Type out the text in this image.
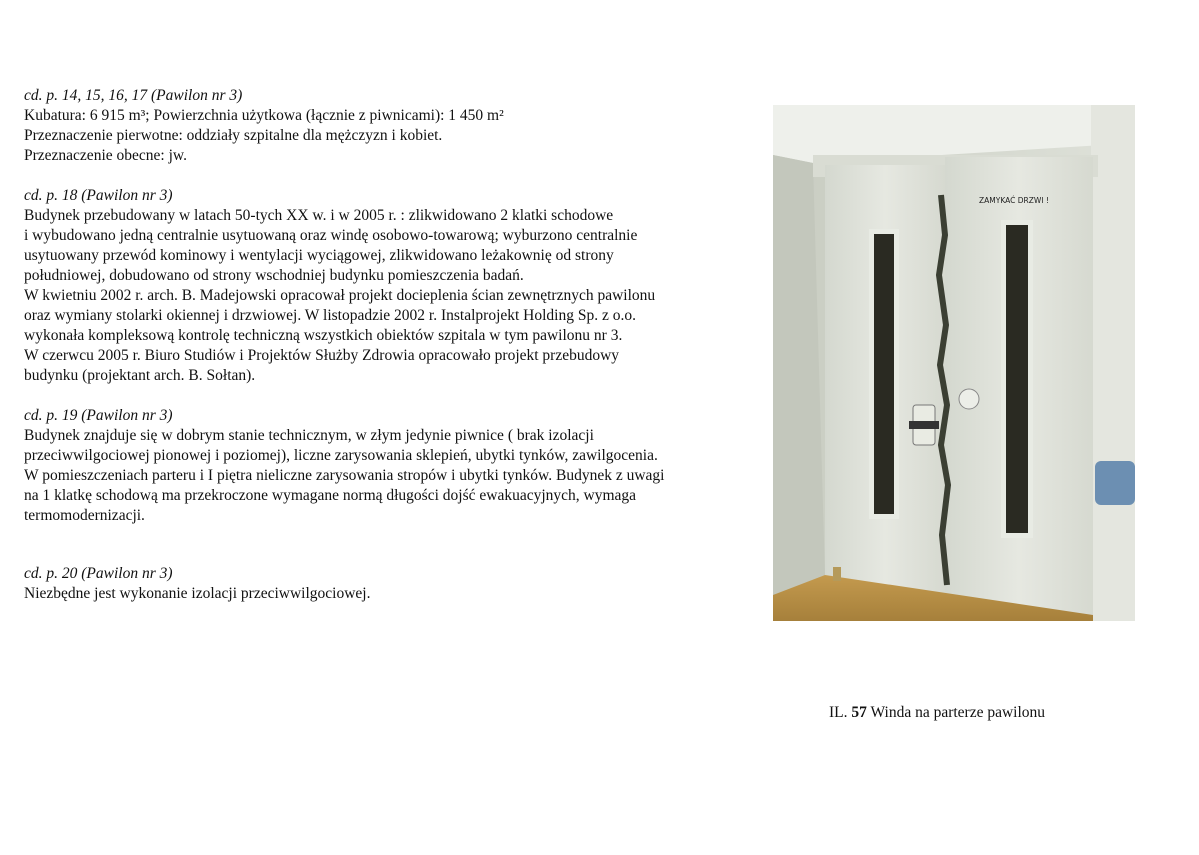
cd. p. 14, 15, 16, 17 (Pawilon nr 3)
Kubatura: 6 915 m³; Powierzchnia użytkowa (łącznie z piwnicami): 1 450 m²
Przeznaczenie pierwotne: oddziały szpitalne dla mężczyzn i kobiet.
Przeznaczenie obecne: jw.
cd. p. 18 (Pawilon nr 3)
Budynek przebudowany w latach 50-tych XX w. i w 2005 r. : zlikwidowano 2 klatki schodowe
i wybudowano jedną centralnie usytuowaną oraz windę osobowo-towarową; wyburzono centralnie
usytuowany przewód kominowy i wentylacji wyciągowej, zlikwidowano leżakownię od strony
południowej, dobudowano od strony wschodniej budynku pomieszczenia badań.
W kwietniu 2002 r. arch. B. Madejowski opracował projekt docieplenia ścian zewnętrznych pawilonu
oraz wymiany stolarki okiennej i drzwiowej. W listopadzie 2002 r. Instalprojekt Holding Sp. z o.o.
wykonała kompleksową kontrolę techniczną wszystkich obiektów szpitala w tym pawilonu nr 3.
W czerwcu 2005 r. Biuro Studiów i Projektów Służby Zdrowia opracowało projekt przebudowy
budynku (projektant arch. B. Sołtan).
cd. p. 19 (Pawilon nr 3)
Budynek znajduje się w dobrym stanie technicznym, w złym jedynie piwnice ( brak izolacji
przeciwwilgociowej pionowej i poziomej), liczne zarysowania sklepień, ubytki tynków, zawilgocenia.
W pomieszczeniach parteru i I piętra nieliczne zarysowania stropów i ubytki tynków. Budynek z uwagi
na 1 klatkę schodową ma przekroczone wymagane normą długości dojść ewakuacyjnych, wymaga
termomodernizacji.
cd. p. 20 (Pawilon nr 3)
Niezbędne jest wykonanie izolacji przeciwwilgociowej.
ZAMYKAĆ DRZWI !
IL. 57 Winda na parterze pawilonu
